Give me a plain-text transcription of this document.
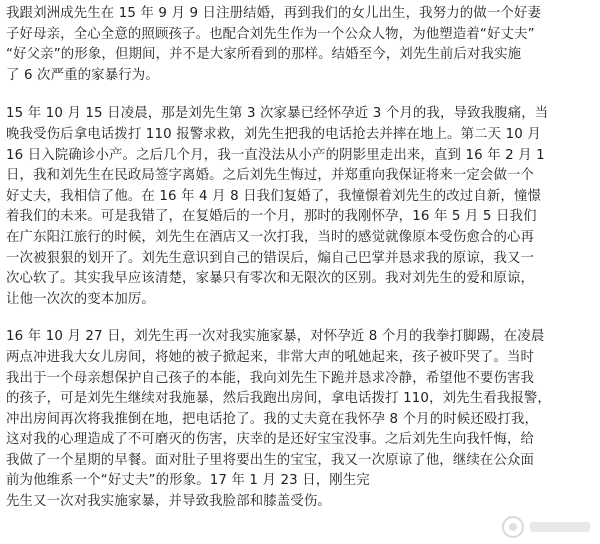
我跟刘洲成先生在 15 年 9 月 9 日注册结婚，再到我们的女儿出生，我努力的做一个好妻
子好母亲，全心全意的照顾孩子。也配合刘先生作为一个公众人物，为他塑造着“好丈夫”
“好父亲”的形象，但期间，并不是大家所看到的那样。结婚至今，刘先生前后对我实施
了 6 次严重的家暴行为。

15 年 10 月 15 日凌晨，那是刘先生第 3 次家暴已经怀孕近 3 个月的我，导致我腹痛，当
晚我受伤后拿电话拨打 110 报警求救，刘先生把我的电话抢去并摔在地上。第二天 10 月
16 日入院确诊小产。之后几个月，我一直没法从小产的阴影里走出来，直到 16 年 2 月 1
日，我和刘先生在民政局签字离婚。之后刘先生悔过，并郑重向我保证将来一定会做一个
好丈夫，我相信了他。在 16 年 4 月 8 日我们复婚了，我憧憬着刘先生的改过自新，憧憬
着我们的未来。可是我错了，在复婚后的一个月，那时的我刚怀孕，16 年 5 月 5 日我们
在广东阳江旅行的时候，刘先生在酒店又一次打我，当时的感觉就像原本受伤愈合的心再
一次被狠狠的划开了。刘先生意识到自己的错误后，煽自己巴掌并恳求我的原谅，我又一
次心软了。其实我早应该清楚，家暴只有零次和无限次的区别。我对刘先生的爱和原谅，
让他一次次的变本加厉。

16 年 10 月 27 日，刘先生再一次对我实施家暴，对怀孕近 8 个月的我拳打脚踢，在凌晨
两点冲进我大女儿房间，将她的被子掀起来，非常大声的吼她起来，孩子被吓哭了。当时
我出于一个母亲想保护自己孩子的本能，我向刘先生下跪并恳求冷静，希望他不要伤害我
的孩子，可是刘先生继续对我施暴，然后我跑出房间，拿电话拨打 110，刘先生看我报警，
冲出房间再次将我推倒在地，把电话抢了。我的丈夫竟在我怀孕 8 个月的时候还殴打我，
这对我的心理造成了不可磨灭的伤害，庆幸的是还好宝宝没事。之后刘先生向我忏悔，给
我做了一个星期的早餐。面对肚子里将要出生的宝宝，我又一次原谅了他，继续在公众面
前为他维系一个“好丈夫”的形象。17 年 1 月 23 日，刚生完
先生又一次对我实施家暴，并导致我脸部和膝盖受伤。
